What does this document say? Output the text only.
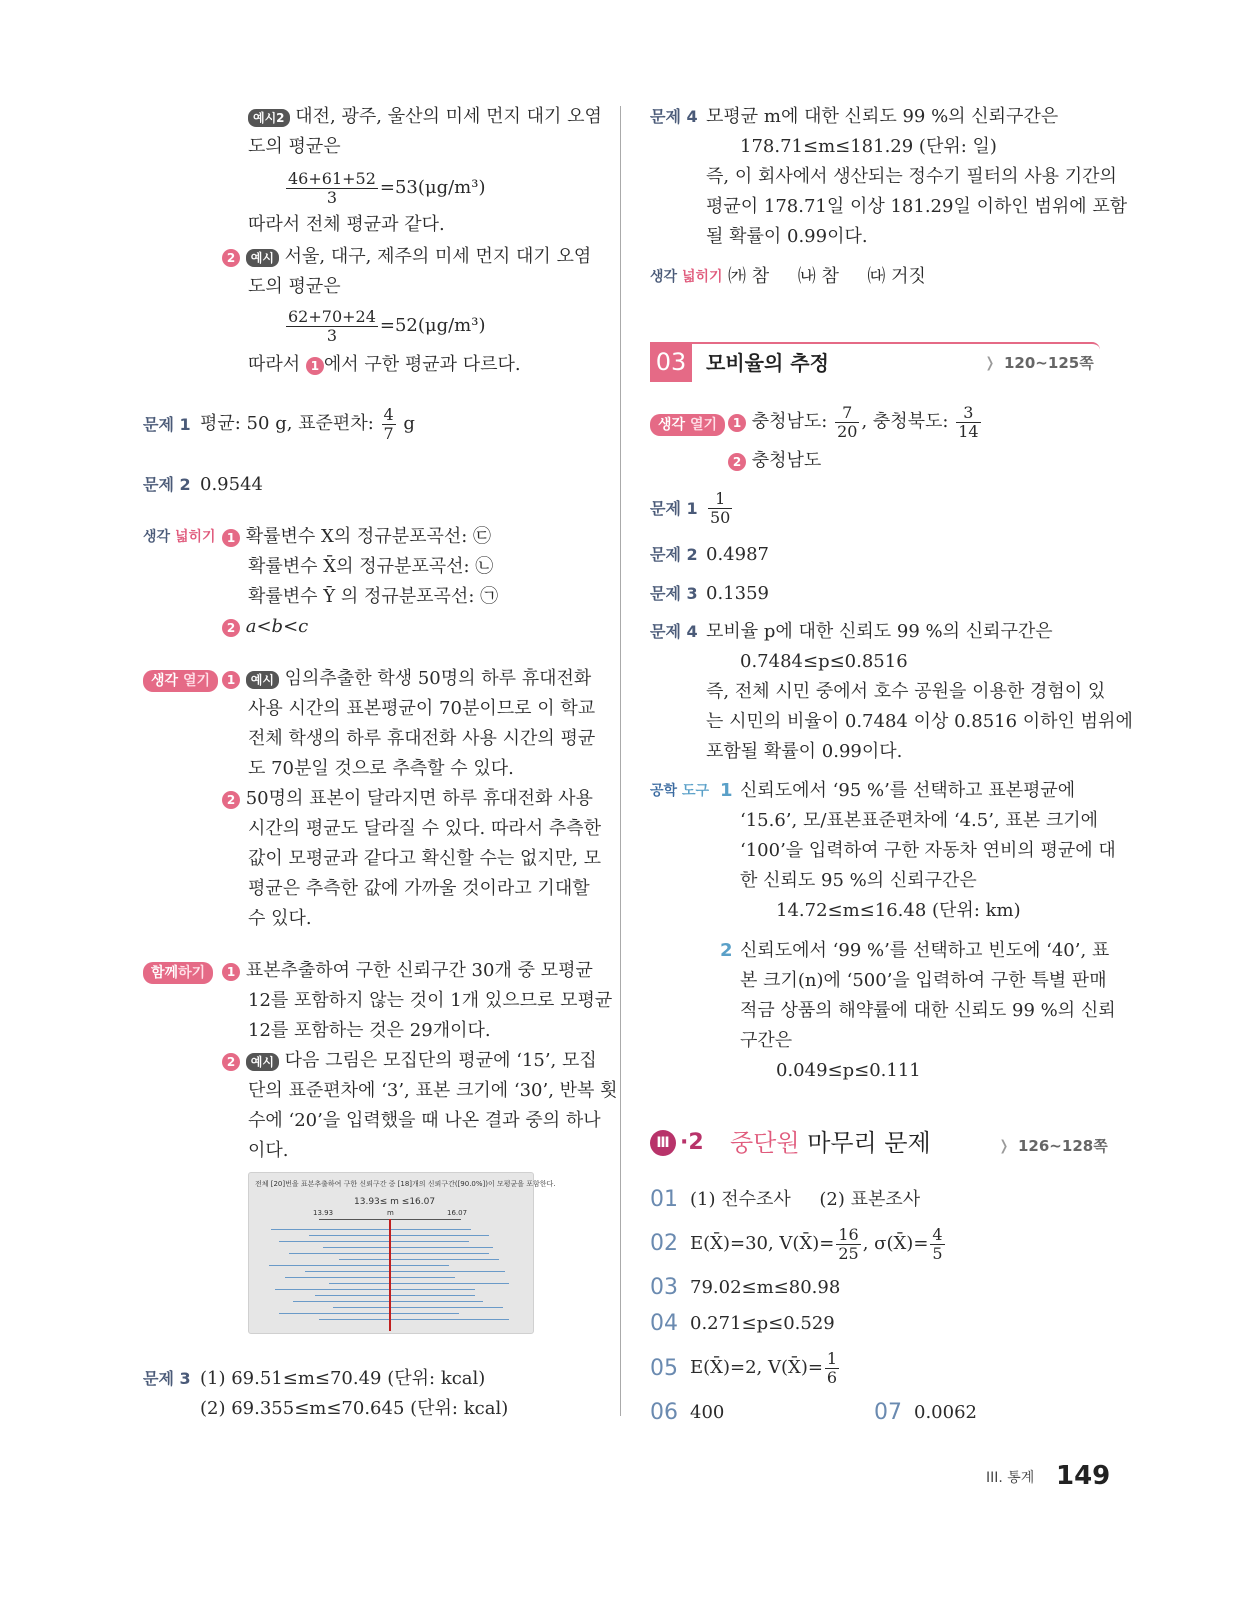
예시2 대전, 광주, 울산의 미세 먼지 대기 오염
도의 평균은
$\frac{46+61+52}{3} =53(\mu g/m^3)$
따라서 전체 평균과 같다.
2 예시 서울, 대구, 제주의 미세 먼지 대기 오염
도의 평균은
$\frac{62+70+24}{3} =52(\mu g/m^3)$
따라서 1 에서 구한 평균과 다르다.
문제 1 평균: 50 g, 표준편차: $\frac{4}{7}$ g
문제 2 0.9544
생각 넓히기 1 확률변수 X의 정규분포곡선: ㉢
확률변수 X̄의 정규분포곡선: ㉡
확률변수 Ȳ 의 정규분포곡선: ㉠
2 a<b<c
생각 열기	1 예시 임의추출한 학생 50명의 하루 휴대전화
사용 시간의 표본평균이 70분이므로 이 학교
전체 학생의 하루 휴대전화 사용 시간의 평균
도 70분일 것으로 추측할 수 있다.
2 50명의 표본이 달라지면 하루 휴대전화 사용
시간의 평균도 달라질 수 있다. 따라서 추측한
값이 모평균과 같다고 확신할 수는 없지만, 모
평균은 추측한 값에 가까울 것이라고 기대할
수 있다.
함께하기	1 표본추출하여 구한 신뢰구간 30개 중 모평균
12를 포함하지 않는 것이 1개 있으므로 모평균
12를 포함하는 것은 29개이다.
2 예시 다음 그림은 모집단의 평균에 ‘15’, 모집
단의 표준편차에 ‘3’, 표본 크기에 ‘30’, 반복 횟
수에 ‘20’을 입력했을 때 나온 결과 중의 하나
이다.
전체 [20]번을 표본추출하여 구한 신뢰구간 중 [18]개의 신뢰구간([90.0%])이 모평균을 포함한다.
13.93≤ m ≤16.07
13.93	m	16.07
문제 3 (1) 69.51≤m≤70.49 (단위: kcal)
(2) 69.355≤m≤70.645 (단위: kcal)
문제 4 모평균 m에 대한 신뢰도 99 %의 신뢰구간은
178.71≤m≤181.29 (단위: 일)
즉, 이 회사에서 생산되는 정수기 필터의 사용 기간의
평균이 178.71일 이상 181.29일 이하인 범위에 포함
될 확률이 0.99이다.
생각 넓히기 ㈎ 참     ㈏ 참     ㈐ 거짓
03 모비율의 추정	❭ 120~125쪽
생각 열기	1 충청남도: $\frac{7}{20}$ , 충청북도: $\frac{3}{14}$
2 충청남도
문제 $1 \frac{1}{50}$
문제 2 0.4987
문제 3 0.1359
문제 4 모비율 p에 대한 신뢰도 99 %의 신뢰구간은
0.7484≤p≤0.8516
즉, 전체 시민 중에서 호수 공원을 이용한 경험이 있
는 시민의 비율이 0.7484 이상 0.8516 이하인 범위에
포함될 확률이 0.99이다.
공학 도구 1 신뢰도에서 ‘95 %’를 선택하고 표본평균에
‘15.6’, 모/표본표준편차에 ‘4.5’, 표본 크기에
‘100’을 입력하여 구한 자동차 연비의 평균에 대
한 신뢰도 95 %의 신뢰구간은
14.72≤m≤16.48 (단위: km)
2 신뢰도에서 ‘99 %’를 선택하고 빈도에 ‘40’, 표
본 크기(n)에 ‘500’을 입력하여 구한 특별 판매
적금 상품의 해약률에 대한 신뢰도 99 %의 신뢰
구간은
0.049≤p≤0.111
Ⅲ ·2 중단원 마무리 문제	❭ 126~128쪽
01 (1) 전수조사     (2) 표본조사
02 E(X̄)=30, V(X̄)= $\frac{16}{25}$ , σ(X̄)= $\frac{4}{5}$
03 79.02≤m≤80.98
04 0.271≤p≤0.529
05 E(X̄)=2, V(X̄)= $\frac{1}{6}$
06 400	07 0.0062
III. 통계 149
